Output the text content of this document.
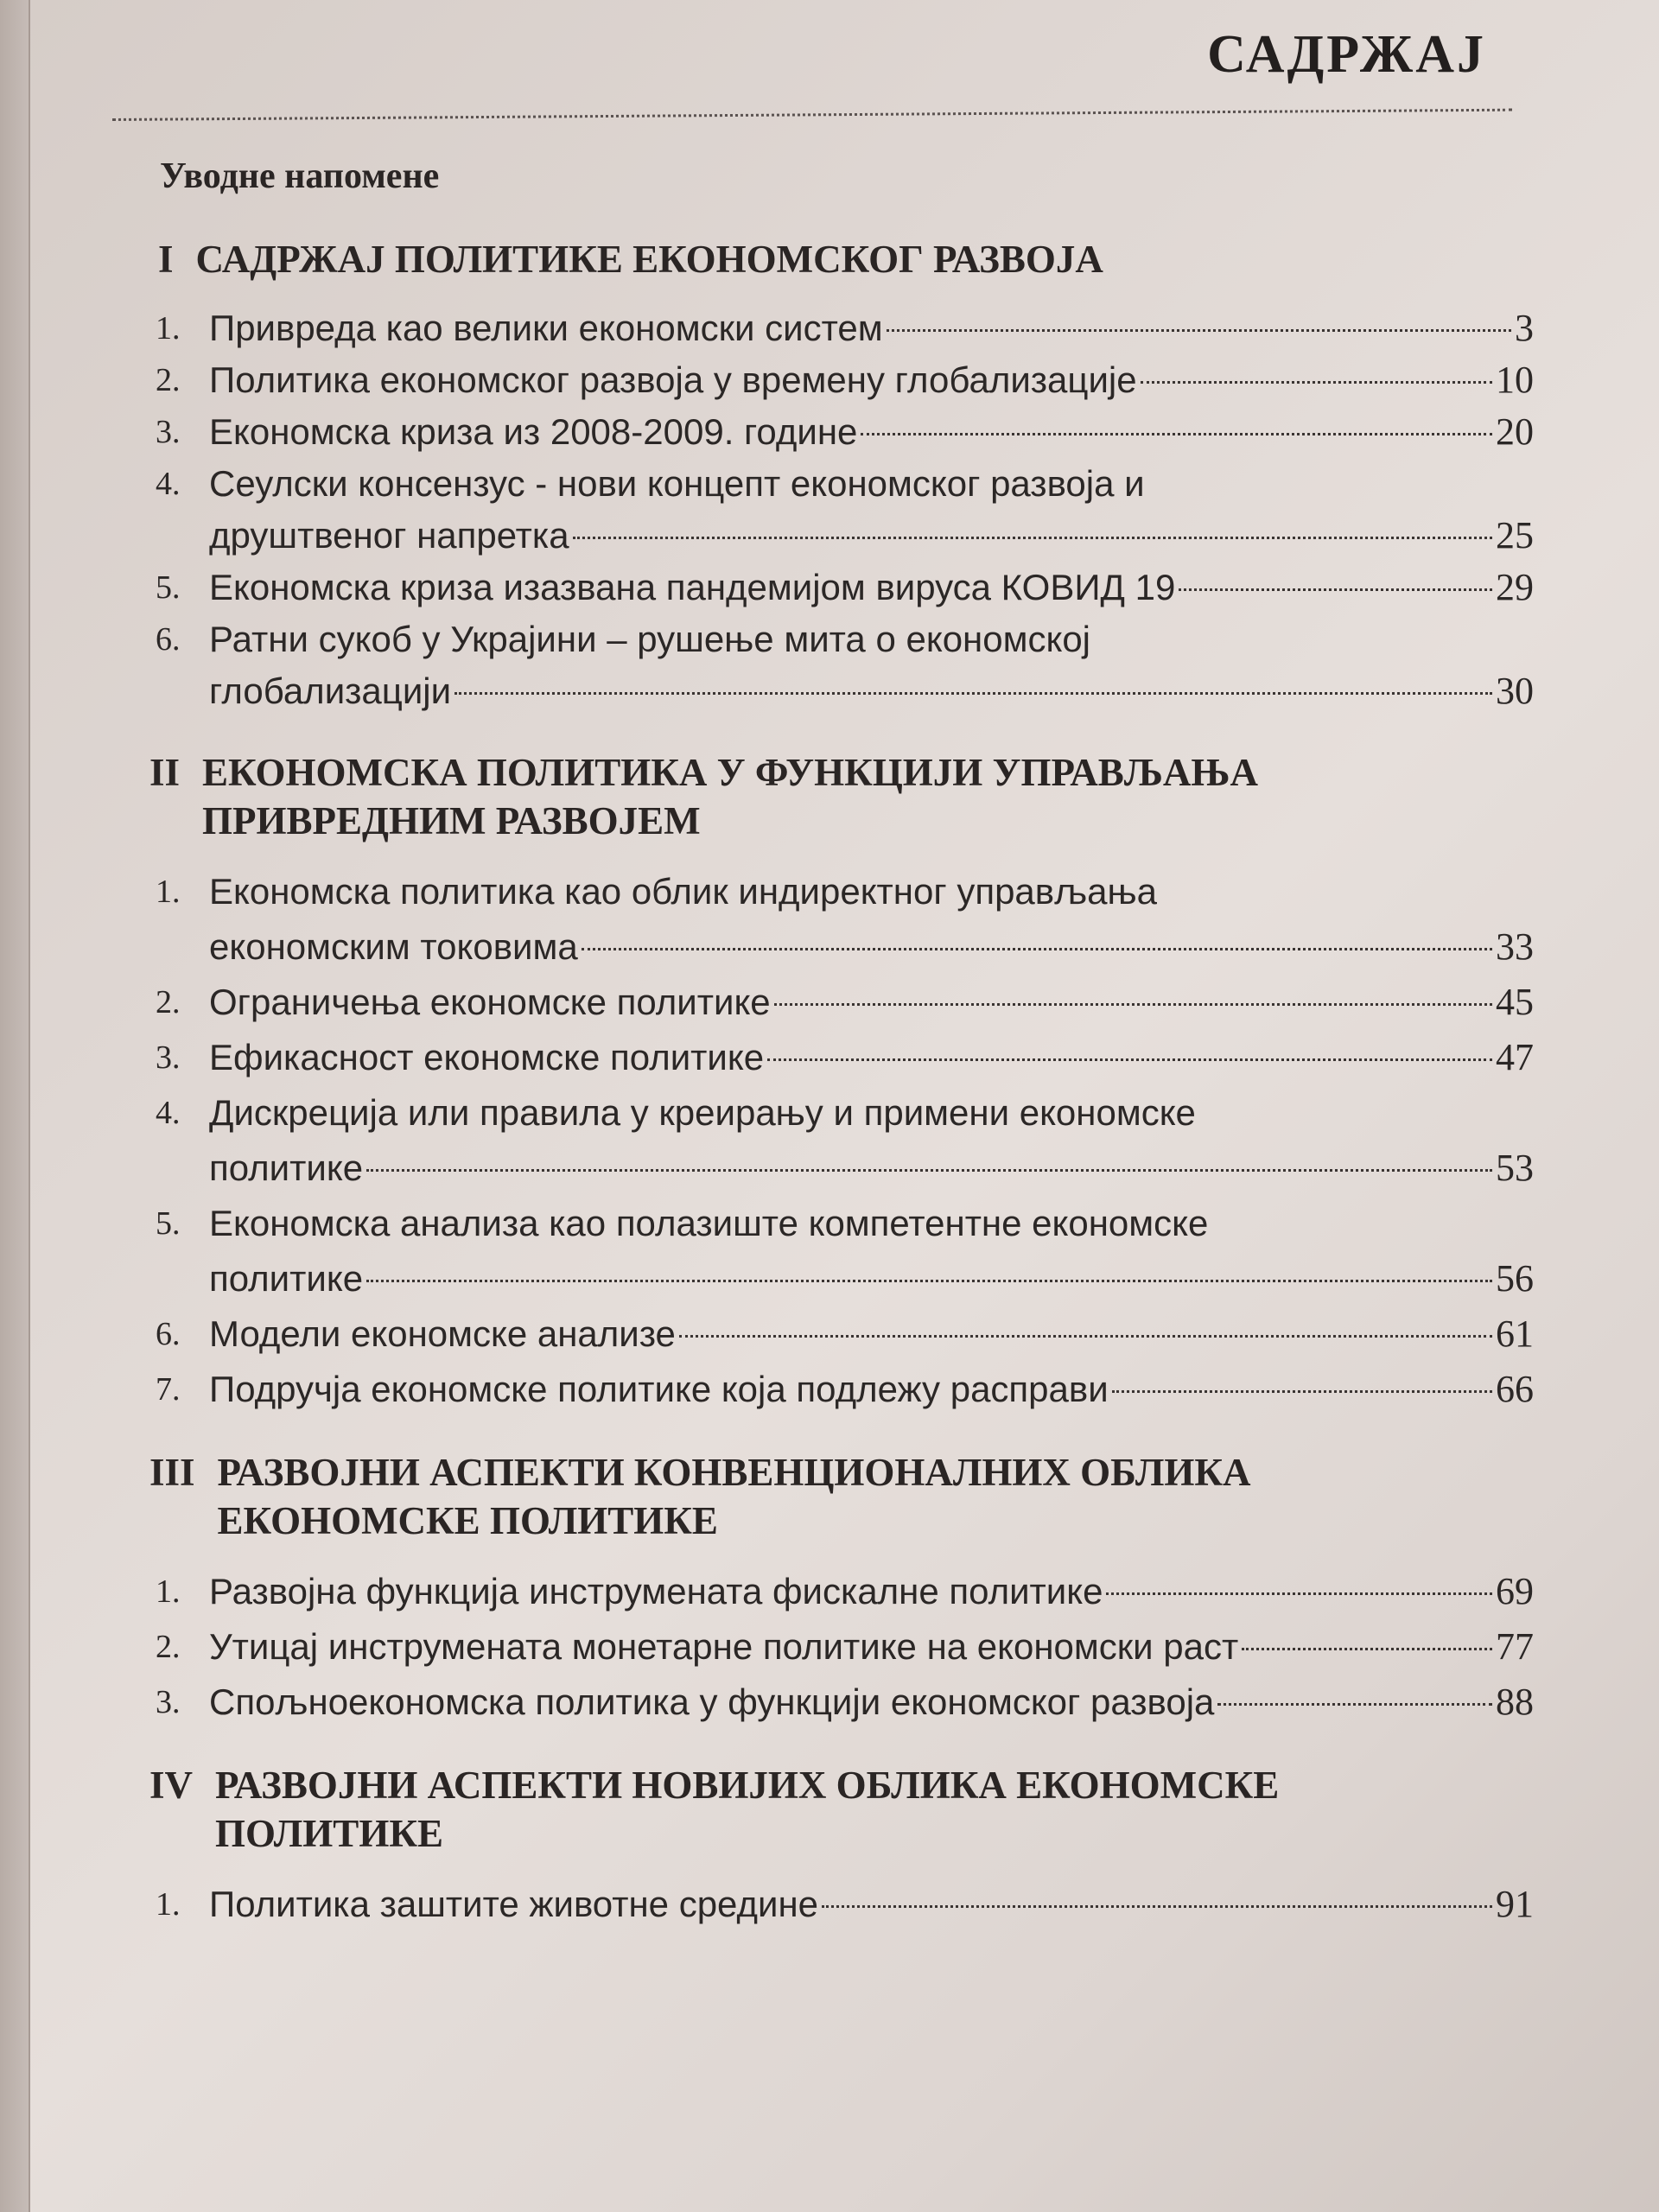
САДРЖАЈ
Уводне напомене
I САДРЖАЈ ПОЛИТИКЕ ЕКОНОМСКОГ РАЗВОЈА
1. Привреда као велики економски систем	3
2. Политика економског развоја у времену глобализације	10
3. Економска криза из 2008-2009. године	20
4. Сеулски консензус - нови концепт економског развоја и
друштвеног напретка	25
5. Економска криза изазвана пандемијом вируса КОВИД 19	29
6. Ратни сукоб у Украјини – рушење мита о економској
глобализацији	30
II ЕКОНОМСКА ПОЛИТИКА У ФУНКЦИЈИ УПРАВЉАЊА ПРИВРЕДНИМ РАЗВОЈЕМ
1. Економска политика као облик индиректног управљања
економским токовима	33
2. Ограничења економске политике	45
3. Ефикасност економске политике	47
4. Дискреција или правила у креирању и примени економске
политике	53
5. Економска анализа као полазиште компетентне економске
политике	56
6. Модели економске анализе	61
7. Подручја економске политике која подлежу расправи	66
III РАЗВОЈНИ АСПЕКТИ КОНВЕНЦИОНАЛНИХ ОБЛИКА ЕКОНОМСКЕ ПОЛИТИКЕ
1. Развојна функција инструмената фискалне политике	69
2. Утицај инструмената монетарне политике на економски раст	77
3. Спољноекономска политика у функцији економског развоја	88
IV РАЗВОЈНИ АСПЕКТИ НОВИЈИХ ОБЛИКА ЕКОНОМСКЕ ПОЛИТИКЕ
1. Политика заштите животне средине	91
